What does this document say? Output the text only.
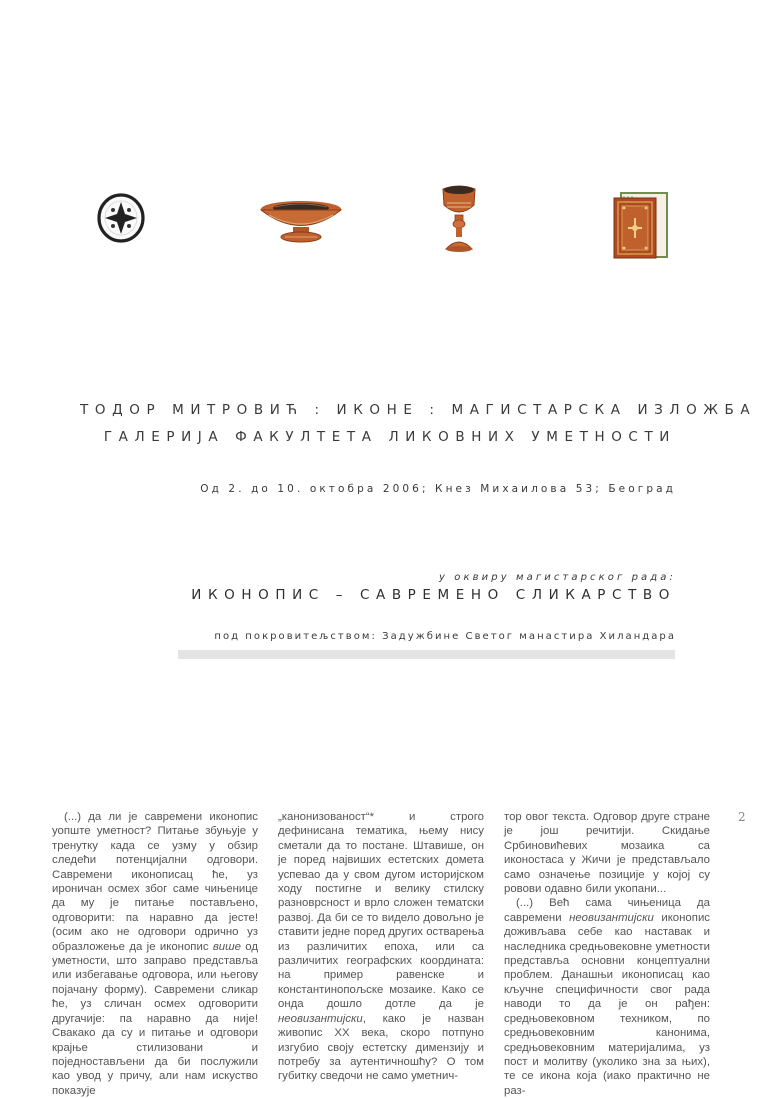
ТОДОР МИТРОВИЋ : ИКОНЕ : МАГИСТАРСКА ИЗЛОЖБА
ГАЛЕРИЈА ФАКУЛТЕТА ЛИКОВНИХ УМЕТНОСТИ
Од 2. до 10. октобра 2006; Кнез Михаилова 53; Београд
у оквиру магистарског рада:
ИКОНОПИС – САВРЕМЕНО СЛИКАРСТВО
под покровитељством: Задужбине Светог манастира Хиландара
2

(...) да ли је савремени иконопис уопште уметност? Питање збуњује у тренутку када се узму у обзир следећи потенцијални одговори. Савремени иконописац ће, уз ироничан осмех због саме чињенице да му је питање постављено, одговорити: па наравно да јесте! (осим ако не одговори одрично уз образложење да је иконопис више од уметности, што заправо представља или избегавање одговора, или његову појачану форму). Савремени сликар ће, уз сличан осмех одговорити другачије: па наравно да није! Свакако да су и питање и одговори крајње стилизовани и поједностављени да би послужили као увод у причу, али нам искуство показује

„канонизованост“* и строго дефинисана тематика, њему нису сметали да то постане. Штавише, он је поред највиших естетских домета успевао да у свом дугом историјском ходу постигне и велику стилску разноврсност и врло сложен тематски развој. Да би се то видело довољно је ставити једне поред других остварења из различитих епоха, или са различитих географских координата: на пример равенске и константинопољске мозаике. Како се онда дошло дотле да је неовизантијски, како је назван живопис XX века, скоро потпуно изгубио своју естетску димензију и потребу за аутентичношћу? О том губитку сведочи не само уметнич-

тор овог текста. Одговор друге стране је још речитији. Скидање Србиновићевих мозаика са иконостаса у Жичи је представљало само означење позиције у којој су ровови одавно били укопани...

(...) Већ сама чињеница да савремени неовизантијски иконопис доживљава себе као наставак и наследника средњовековне уметности представља основни концептуални проблем. Данашњи иконописац као кључне специфичности свог рада наводи то да је он рађен: средњовековном техником, по средњовековним канонима, средњовековним материјалима, уз пост и молитву (уколико зна за њих), те се икона која (иако практично не раз-
